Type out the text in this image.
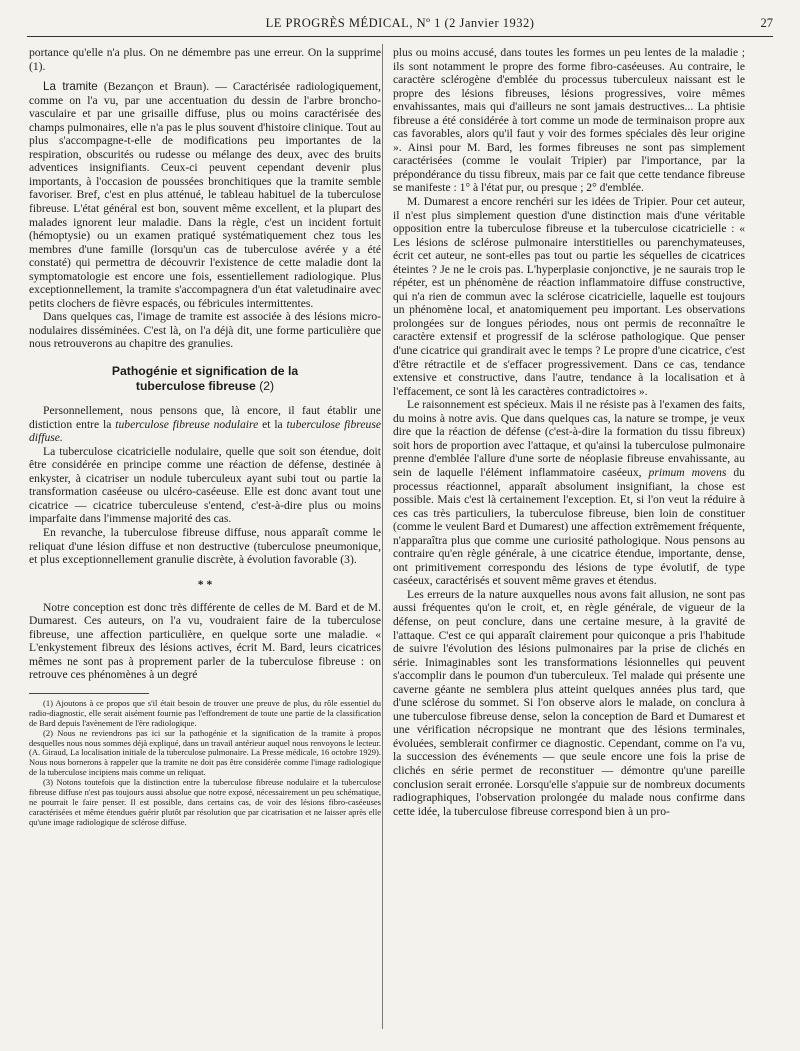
LE PROGRÈS MÉDICAL, Nº 1 (2 Janvier 1932)	27

portance qu'elle n'a plus. On ne démembre pas une erreur. On la supprime (1).

La tramite (Bezançon et Braun). — Caractérisée radiologiquement, comme on l'a vu, par une accentuation du dessin de l'arbre broncho-vasculaire et par une grisaille diffuse, plus ou moins caractérisée des champs pulmonaires, elle n'a pas le plus souvent d'histoire clinique. Tout au plus s'accompagne-t-elle de modifications peu importantes de la respiration, obscurités ou rudesse ou mélange des deux, avec des bruits adventices insignifiants. Ceux-ci peuvent cependant devenir plus importants, à l'occasion de poussées bronchitiques que la tramite semble favoriser. Bref, c'est en plus atténué, le tableau habituel de la tuberculose fibreuse. L'état général est bon, souvent même excellent, et la plupart des malades ignorent leur maladie. Dans la règle, c'est un incident fortuit (hémoptysie) ou un examen pratiqué systématiquement chez tous les membres d'une famille (lorsqu'un cas de tuberculose avérée y a été constaté) qui permettra de découvrir l'existence de cette maladie dont la symptomatologie est encore une fois, essentiellement radiologique. Plus exceptionnellement, la tramite s'accompagnera d'un état valetudinaire avec petits clochers de fièvre espacés, ou fébricules intermittentes.

Dans quelques cas, l'image de tramite est associée à des lésions micro-nodulaires disséminées. C'est là, on l'a déjà dit, une forme particulière que nous retrouverons au chapitre des granulies.

Pathogénie et signification de la
tuberculose fibreuse (2)

Personnellement, nous pensons que, là encore, il faut établir une distiction entre la tuberculose fibreuse nodulaire et la tuberculose fibreuse diffuse.

La tuberculose cicatricielle nodulaire, quelle que soit son étendue, doit être considérée en principe comme une réaction de défense, destinée à enkyster, à cicatriser un nodule tuberculeux ayant subi tout ou partie la transformation caséeuse ou ulcéro-caséeuse. Elle est donc avant tout une cicatrice — cicatrice tuberculeuse s'entend, c'est-à-dire plus ou moins imparfaite dans l'immense majorité des cas.

En revanche, la tuberculose fibreuse diffuse, nous apparaît comme le reliquat d'une lésion diffuse et non destructive (tuberculose pneumonique, et plus exceptionnellement granulie discrète, à évolution favorable (3).

* *

Notre conception est donc très différente de celles de M. Bard et de M. Dumarest. Ces auteurs, on l'a vu, voudraient faire de la tuberculose fibreuse, une affection particulière, en quelque sorte une maladie. « L'enkystement fibreux des lésions actives, écrit M. Bard, leurs cicatrices mêmes ne sont pas à proprement parler de la tuberculose fibreuse : on retrouve ces phénomènes à un degré

(1) Ajoutons à ce propos que s'il était besoin de trouver une preuve de plus, du rôle essentiel du radio-diagnostic, elle serait aisément fournie pas l'effondrement de toute une partie de la classification de Bard depuis l'avènement de l'ère radiologique.

(2) Nous ne reviendrons pas ici sur la pathogénie et la signification de la tramite à propos desquelles nous nous sommes déjà expliqué, dans un travail antérieur auquel nous renvoyons le lecteur. (A. Giraud, La localisation initiale de la tuberculose pulmonaire. La Presse médicale, 16 octobre 1929). Nous nous bornerons à rappeler que la tramite ne doit pas être considérée comme l'image radiologique de la tuberculose incipiens mais comme un reliquat.

(3) Notons toutefois que la distinction entre la tuberculose fibreuse nodulaire et la tuberculose fibreuse diffuse n'est pas toujours aussi absolue que notre exposé, nécessairement un peu schématique, ne pourrait le faire penser. Il est possible, dans certains cas, de voir des lésions fibro-caséeuses caractérisées et même étendues guérir plutôt par résolution que par cicatrisation et ne laisser après elle qu'une image radiologique de sclérose diffuse.

plus ou moins accusé, dans toutes les formes un peu lentes de la maladie ; ils sont notamment le propre des forme fibro-caséeuses. Au contraire, le caractère sclérogène d'emblée du processus tuberculeux naissant est le propre des lésions fibreuses, lésions progressives, voire mêmes envahissantes, mais qui d'ailleurs ne sont jamais destructives... La phtisie fibreuse a été considérée à tort comme un mode de terminaison propre aux cas favorables, alors qu'il faut y voir des formes spéciales dès leur origine ». Ainsi pour M. Bard, les formes fibreuses ne sont pas simplement caractérisées (comme le voulait Tripier) par l'importance, par la prépondérance du tissu fibreux, mais par ce fait que cette tendance fibreuse se manifeste : 1° à l'état pur, ou presque ; 2° d'emblée.

M. Dumarest a encore renchéri sur les idées de Tripier. Pour cet auteur, il n'est plus simplement question d'une distinction mais d'une véritable opposition entre la tuberculose fibreuse et la tuberculose cicatricielle : « Les lésions de sclérose pulmonaire interstitielles ou parenchymateuses, écrit cet auteur, ne sont-elles pas tout ou partie les séquelles de cicatrices éteintes ? Je ne le crois pas. L'hyperplasie conjonctive, je ne saurais trop le répéter, est un phénomène de réaction inflammatoire diffuse constructive, qui n'a rien de commun avec la sclérose cicatricielle, laquelle est toujours un phénomène local, et anatomiquement peu important. Les observations prolongées sur de longues périodes, nous ont permis de reconnaître le caractère extensif et progressif de la sclérose pathologique. Que penser d'une cicatrice qui grandirait avec le temps ? Le propre d'une cicatrice, c'est d'être rétractile et de s'effacer progressivement. Dans ce cas, tendance extensive et constructive, dans l'autre, tendance à la localisation et à l'effacement, ce sont là les caractères contradictoires ».

Le raisonnement est spécieux. Mais il ne résiste pas à l'examen des faits, du moins à notre avis. Que dans quelques cas, la nature se trompe, je veux dire que la réaction de défense (c'est-à-dire la formation du tissu fibreux) soit hors de proportion avec l'attaque, et qu'ainsi la tuberculose pulmonaire prenne d'emblée l'allure d'une sorte de néoplasie fibreuse envahissante, au sein de laquelle l'élément inflammatoire caséeux, primum movens du processus réactionnel, apparaît absolument insignifiant, la chose est possible. Mais c'est là certainement l'exception. Et, si l'on veut la réduire à ces cas très particuliers, la tuberculose fibreuse, bien loin de constituer (comme le veulent Bard et Dumarest) une affection extrêmement fréquente, n'apparaîtra plus que comme une curiosité pathologique. Nous pensons au contraire qu'en règle générale, à une cicatrice étendue, importante, dense, ont primitivement correspondu des lésions de type évolutif, de type caséeux, caractérisés et souvent même graves et étendus.

Les erreurs de la nature auxquelles nous avons fait allusion, ne sont pas aussi fréquentes qu'on le croit, et, en règle générale, de vigueur de la défense, on peut conclure, dans une certaine mesure, à la gravité de l'attaque. C'est ce qui apparaît clairement pour quiconque a pris l'habitude de suivre l'évolution des lésions pulmonaires par la prise de clichés en série. Inimaginables sont les transformations lésionnelles qui peuvent s'accomplir dans le poumon d'un tuberculeux. Tel malade qui présente une caverne géante ne semblera plus atteint quelques années plus tard, que d'une sclérose du sommet. Si l'on observe alors le malade, on conclura à une tuberculose fibreuse dense, selon la conception de Bard et Dumarest et une vérification nécropsique ne montrant que des lésions terminales, évoluées, semblerait confirmer ce diagnostic. Cependant, comme on l'a vu, la succession des événements — que seule encore une fois la prise de clichés en série permet de reconstituer — démontre qu'une pareille conclusion serait erronée. Lorsqu'elle s'appuie sur de nombreux documents radiographiques, l'observation prolongée du malade nous confirme dans cette idée, la tuberculose fibreuse correspond bien à un pro-
